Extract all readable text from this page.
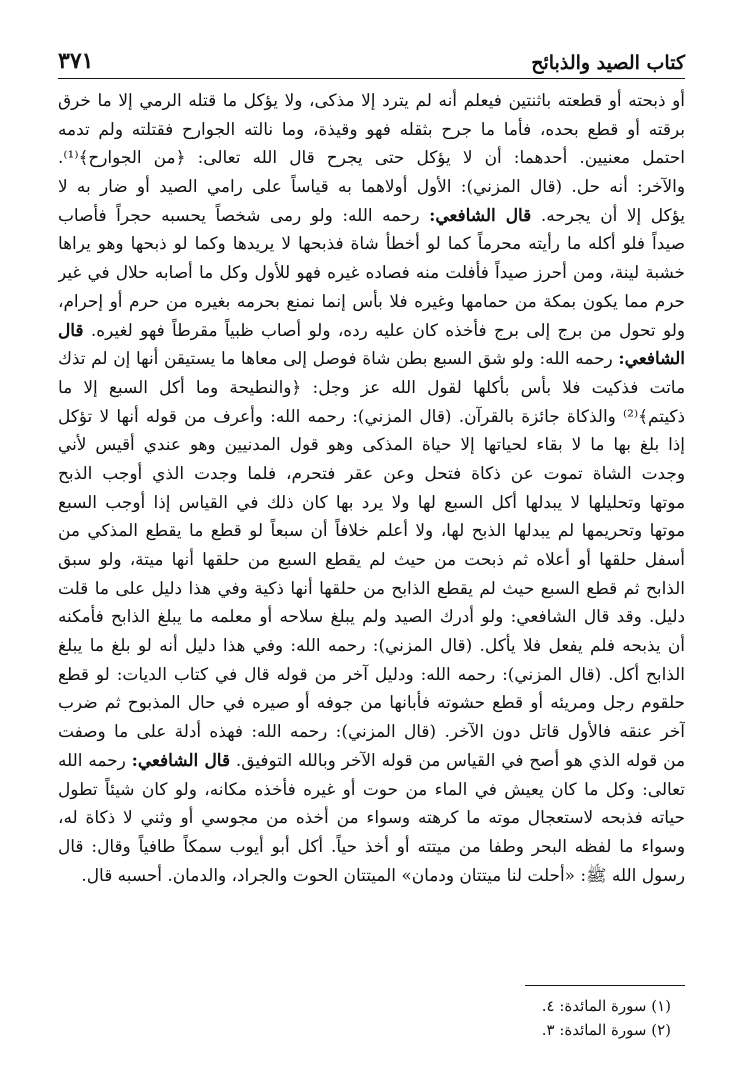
كتاب الصيد والذبائح
٣٧١
أو ذبحته أو قطعته باثنتين فيعلم أنه لم يترد إلا مذكى، ولا يؤكل ما قتله الرمي إلا ما خرق
برقته أو قطع بحده، فأما ما جرح بثقله فهو وقيذة، وما نالته الجوارح فقتلته ولم تدمه
احتمل معنيين. أحدهما: أن لا يؤكل حتى يجرح قال الله تعالى: ﴿من الجوارح﴾⁽¹⁾.
والآخر: أنه حل. (قال المزني): الأول أولاهما به قياساً على رامي الصيد أو ضار به لا
يؤكل إلا أن يجرحه. قال الشافعي: رحمه الله: ولو رمى شخصاً يحسبه حجراً فأصاب
صيداً فلو أكله ما رأيته محرماً كما لو أخطأ شاة فذبحها لا يريدها وكما لو ذبحها وهو يراها
خشبة لينة، ومن أحرز صيداً فأفلت منه فصاده غيره فهو للأول وكل ما أصابه حلال في غير
حرم مما يكون بمكة من حمامها وغيره فلا بأس إنما نمنع بحرمه بغيره من حرم أو إحرام،
ولو تحول من برج إلى برج فأخذه كان عليه رده، ولو أصاب ظبياً مقرطاً فهو لغيره. قال
الشافعي: رحمه الله: ولو شق السبع بطن شاة فوصل إلى معاها ما يستيقن أنها إن لم تذك
ماتت فذكيت فلا بأس بأكلها لقول الله عز وجل: ﴿والنطيحة وما أكل السبع إلا ما
ذكيتم﴾⁽²⁾ والذكاة جائزة بالقرآن. (قال المزني): رحمه الله: وأعرف من قوله أنها لا تؤكل
إذا بلغ بها ما لا بقاء لحياتها إلا حياة المذكى وهو قول المدنيين وهو عندي أقيس لأني
وجدت الشاة تموت عن ذكاة فتحل وعن عقر فتحرم، فلما وجدت الذي أوجب الذبح
موتها وتحليلها لا يبدلها أكل السبع لها ولا يرد بها كان ذلك في القياس إذا أوجب السبع
موتها وتحريمها لم يبدلها الذبح لها، ولا أعلم خلافاً أن سبعاً لو قطع ما يقطع المذكي من
أسفل حلقها أو أعلاه ثم ذبحت من حيث لم يقطع السبع من حلقها أنها ميتة، ولو سبق
الذابح ثم قطع السبع حيث لم يقطع الذابح من حلقها أنها ذكية وفي هذا دليل على ما قلت
دليل. وقد قال الشافعي: ولو أدرك الصيد ولم يبلغ سلاحه أو معلمه ما يبلغ الذابح فأمكنه
أن يذبحه فلم يفعل فلا يأكل. (قال المزني): رحمه الله: وفي هذا دليل أنه لو بلغ ما يبلغ
الذابح أكل. (قال المزني): رحمه الله: ودليل آخر من قوله قال في كتاب الديات: لو قطع
حلقوم رجل ومريئه أو قطع حشوته فأبانها من جوفه أو صيره في حال المذبوح ثم ضرب
آخر عنقه فالأول قاتل دون الآخر. (قال المزني): رحمه الله: فهذه أدلة على ما وصفت
من قوله الذي هو أصح في القياس من قوله الآخر وبالله التوفيق. قال الشافعي: رحمه الله
تعالى: وكل ما كان يعيش في الماء من حوت أو غيره فأخذه مكانه، ولو كان شيئاً تطول
حياته فذبحه لاستعجال موته ما كرهته وسواء من أخذه من مجوسي أو وثني لا ذكاة له،
وسواء ما لفظه البحر وطفا من ميتته أو أخذ حياً. أكل أبو أيوب سمكاً طافياً وقال: قال
رسول الله ﷺ: «أحلت لنا ميتتان ودمان» الميتتان الحوت والجراد، والدمان. أحسبه قال.
(١) سورة المائدة: ٤.
(٢) سورة المائدة: ٣.
